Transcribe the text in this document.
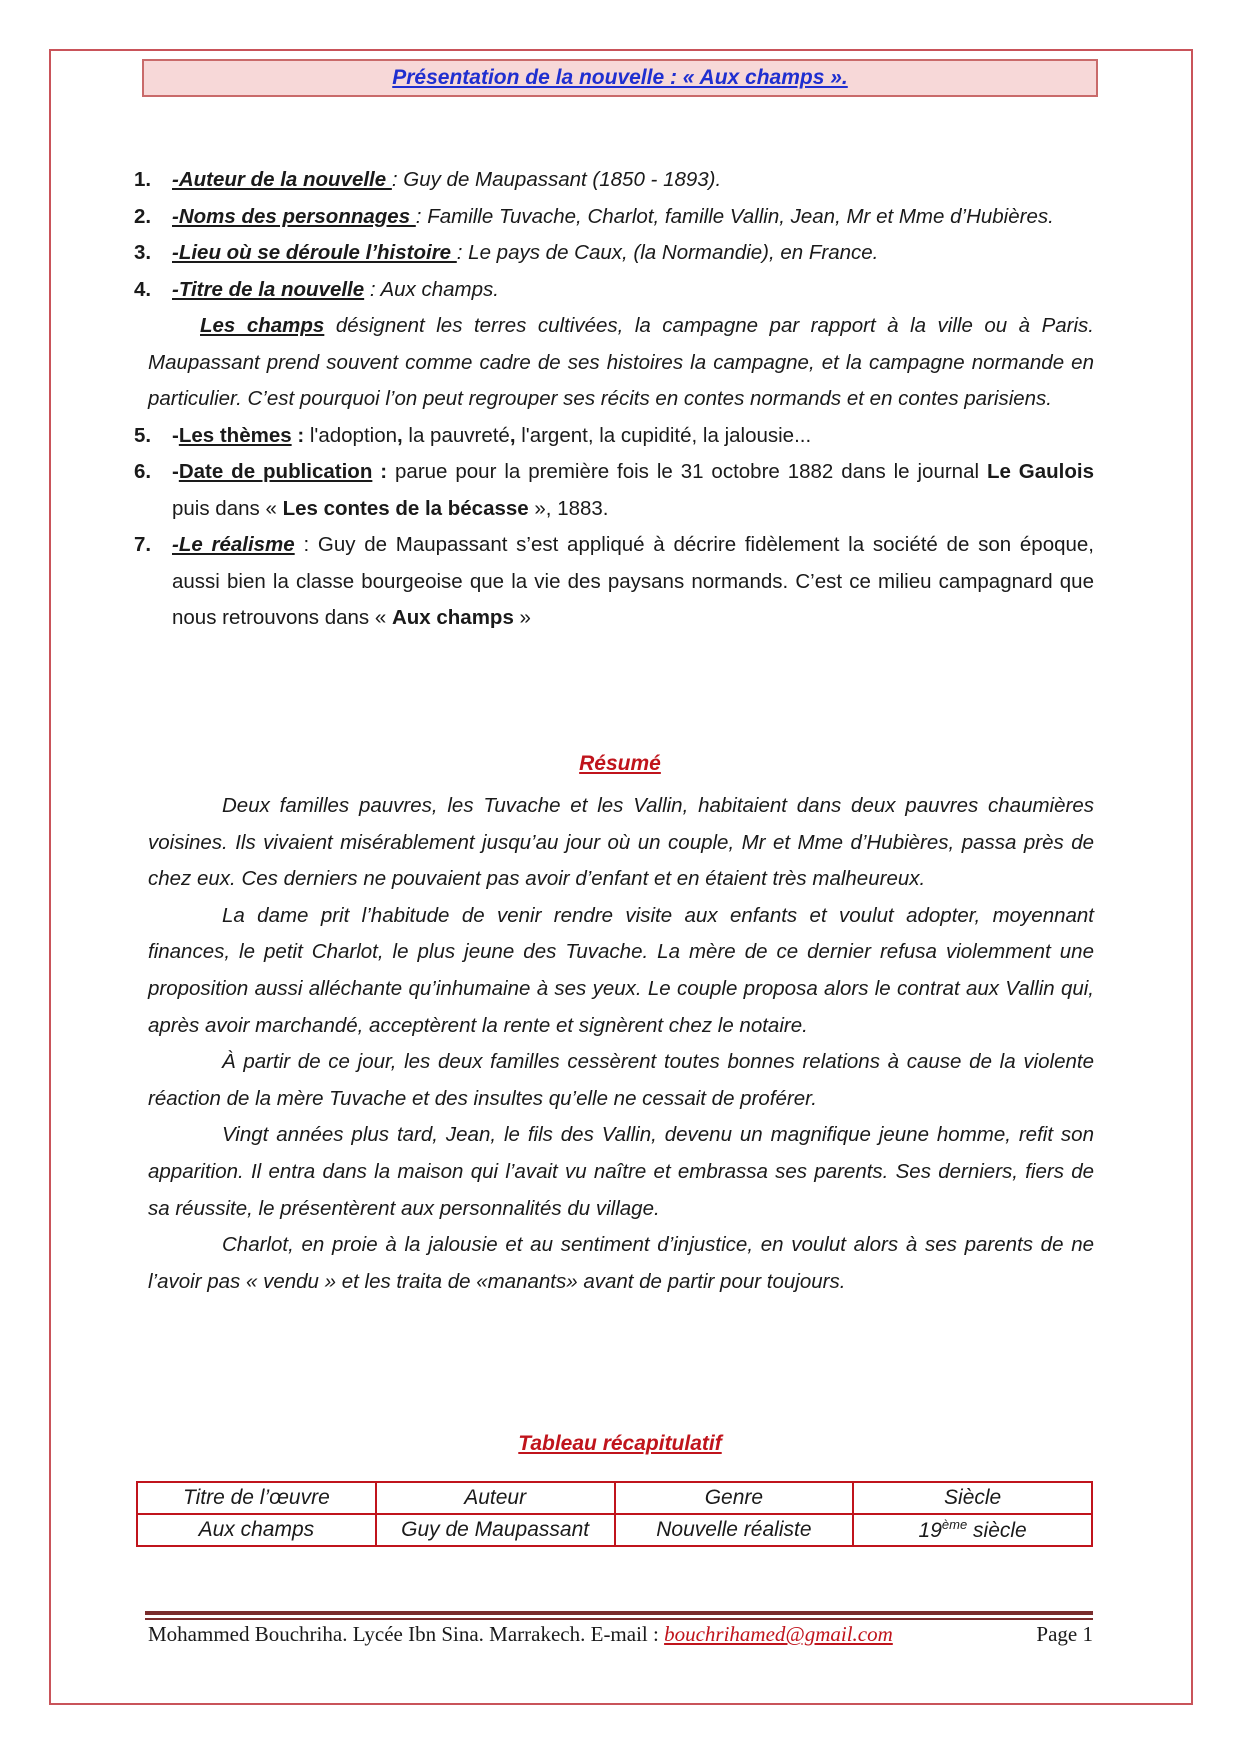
Présentation de la nouvelle : « Aux champs ».
1. -Auteur de la nouvelle : Guy de Maupassant (1850 - 1893).
2. -Noms des personnages : Famille Tuvache, Charlot, famille Vallin, Jean, Mr et Mme d’Hubières.
3. -Lieu où se déroule l’histoire : Le pays de Caux, (la Normandie), en France.
4. -Titre de la nouvelle : Aux champs.
Les champs désignent les terres cultivées, la campagne par rapport à la ville ou à Paris. Maupassant prend souvent comme cadre de ses histoires la campagne, et la campagne normande en particulier. C’est pourquoi l’on peut regrouper ses récits en contes normands et en contes parisiens.
5. -Les thèmes : l'adoption, la pauvreté, l'argent, la cupidité, la jalousie...
6. -Date de publication : parue pour la première fois le 31 octobre 1882 dans le journal Le Gaulois puis dans « Les contes de la bécasse », 1883.
7. -Le réalisme : Guy de Maupassant s’est appliqué à décrire fidèlement la société de son époque, aussi bien la classe bourgeoise que la vie des paysans normands. C’est ce milieu campagnard que nous retrouvons dans « Aux champs »
Résumé

Deux familles pauvres, les Tuvache et les Vallin, habitaient dans deux pauvres chaumières voisines. Ils vivaient misérablement jusqu’au jour où un couple, Mr et Mme d’Hubières, passa près de chez eux. Ces derniers ne pouvaient pas avoir d’enfant et en étaient très malheureux.

La dame prit l’habitude de venir rendre visite aux enfants et voulut adopter, moyennant finances, le petit Charlot, le plus jeune des Tuvache. La mère de ce dernier refusa violemment une proposition aussi alléchante qu’inhumaine à ses yeux. Le couple proposa alors le contrat aux Vallin qui, après avoir marchandé, acceptèrent la rente et signèrent chez le notaire.

À partir de ce jour, les deux familles cessèrent toutes bonnes relations à cause de la violente réaction de la mère Tuvache et des insultes qu’elle ne cessait de proférer.

Vingt années plus tard, Jean, le fils des Vallin, devenu un magnifique jeune homme, refit son apparition. Il entra dans la maison qui l’avait vu naître et embrassa ses parents. Ses derniers, fiers de sa réussite, le présentèrent aux personnalités du village.

Charlot, en proie à la jalousie et au sentiment d’injustice, en voulut alors à ses parents de ne l’avoir pas « vendu » et les traita de «manants» avant de partir pour toujours.

Tableau récapitulatif
Titre de l’œuvre	Auteur	Genre	Siècle
Aux champs	Guy de Maupassant	Nouvelle réaliste	19ème siècle
Mohammed Bouchriha. Lycée Ibn Sina. Marrakech. E-mail : bouchrihamed@gmail.com	Page 1
